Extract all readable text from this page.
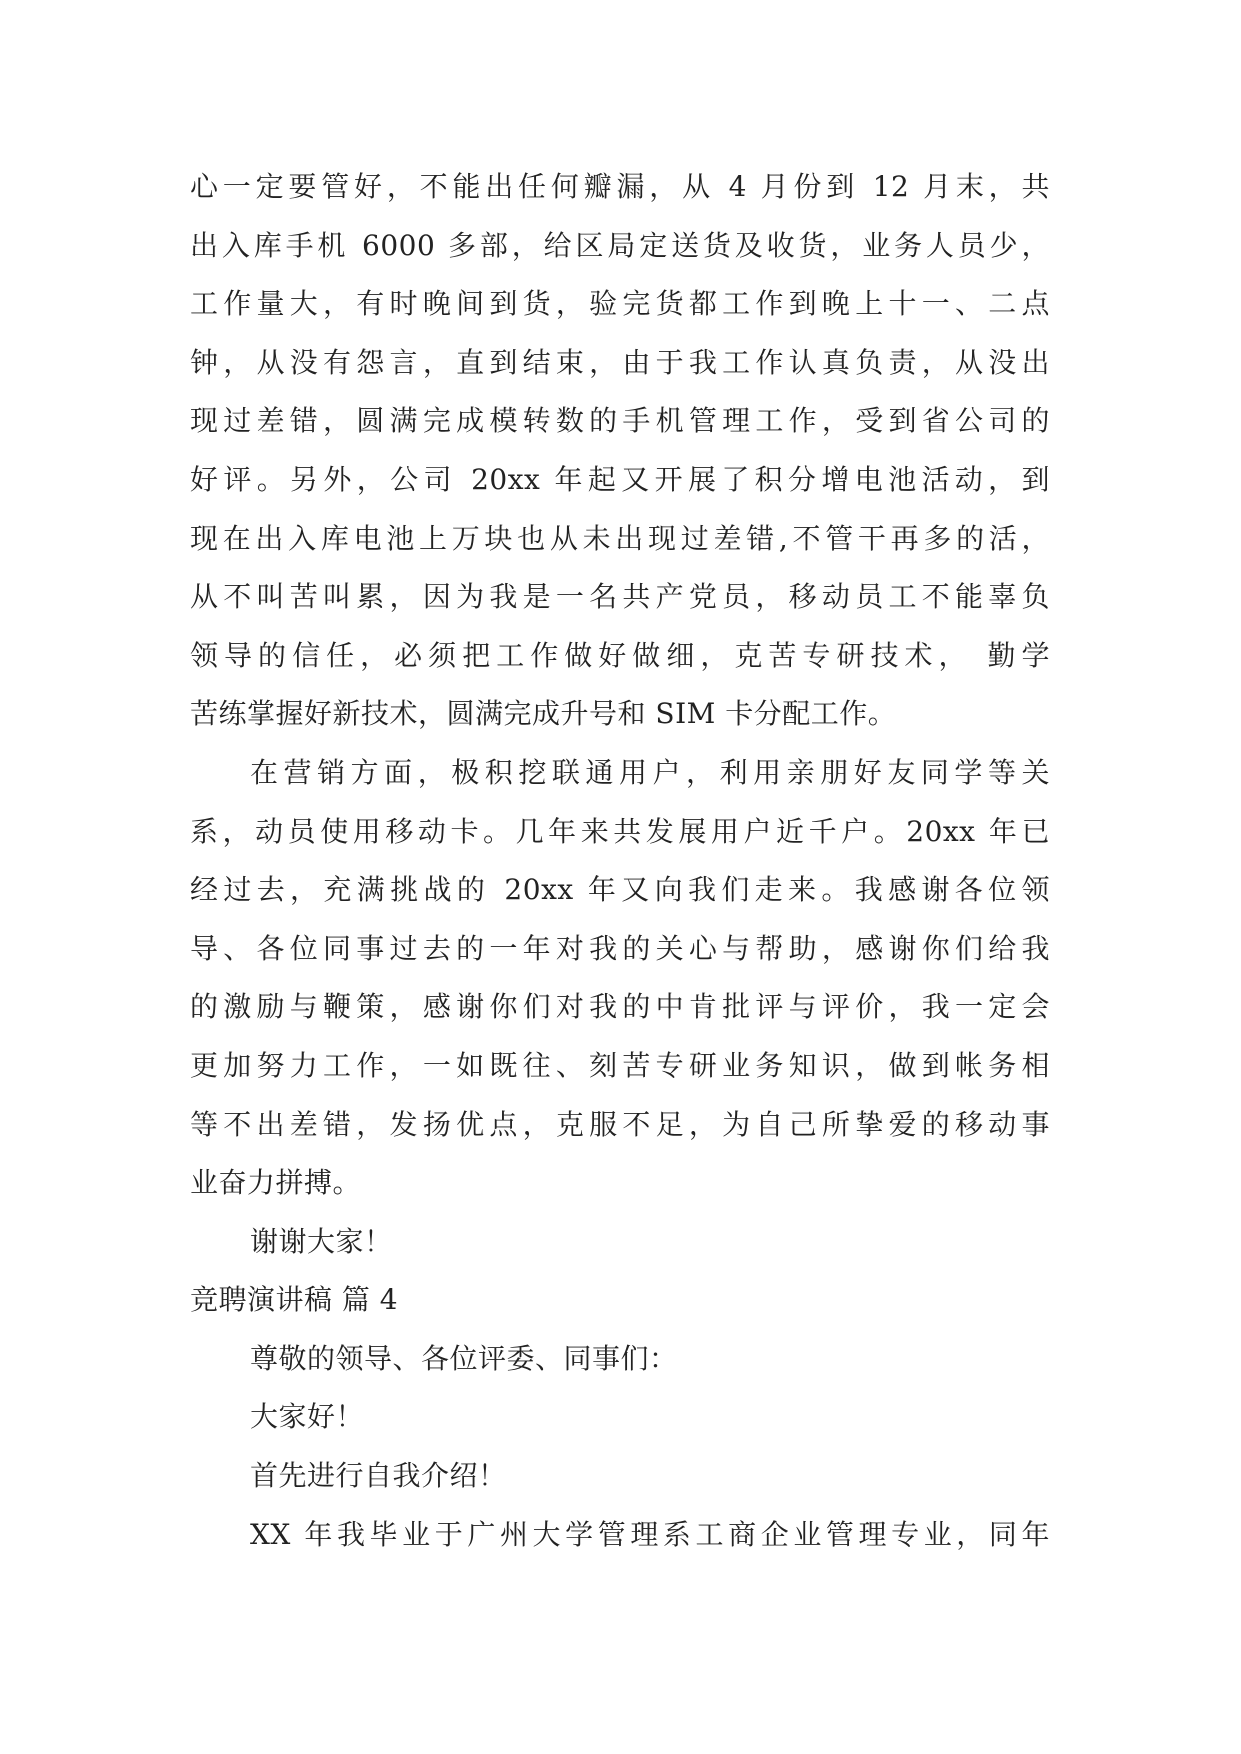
心一定要管好，不能出任何瓣漏，从 4 月份到 12 月末，共
出入库手机 6000 多部，给区局定送货及收货，业务人员少，
工作量大，有时晚间到货，验完货都工作到晚上十一、二点
钟，从没有怨言，直到结束，由于我工作认真负责，从没出
现过差错，圆满完成模转数的手机管理工作，受到省公司的
好评。另外，公司 20xx 年起又开展了积分增电池活动，到
现在出入库电池上万块也从未出现过差错,不管干再多的活，
从不叫苦叫累，因为我是一名共产党员，移动员工不能辜负
领导的信任，必须把工作做好做细，克苦专研技术， 勤学
苦练掌握好新技术，圆满完成升号和 SIM 卡分配工作。
在营销方面，极积挖联通用户，利用亲朋好友同学等关
系，动员使用移动卡。几年来共发展用户近千户。20xx 年已
经过去，充满挑战的 20xx 年又向我们走来。我感谢各位领
导、各位同事过去的一年对我的关心与帮助，感谢你们给我
的激励与鞭策，感谢你们对我的中肯批评与评价，我一定会
更加努力工作，一如既往、刻苦专研业务知识，做到帐务相
等不出差错，发扬优点，克服不足，为自己所挚爱的移动事
业奋力拼搏。
谢谢大家！
竞聘演讲稿 篇 4
尊敬的领导、各位评委、同事们：
大家好！
首先进行自我介绍！
XX 年我毕业于广州大学管理系工商企业管理专业，同年
